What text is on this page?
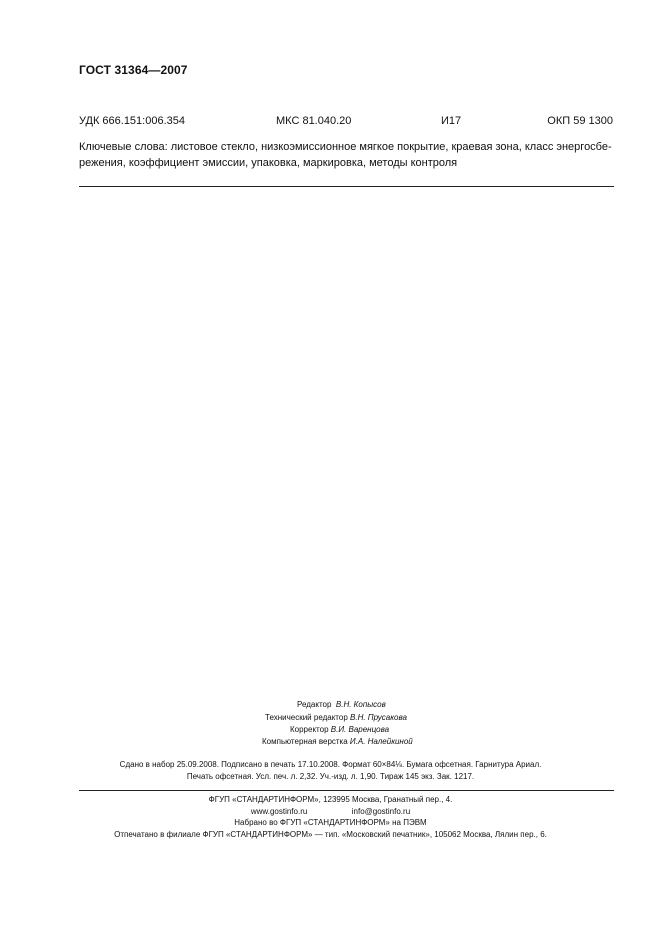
ГОСТ 31364—2007
УДК 666.151:006.354	МКС 81.040.20	И17	ОКП 59 1300
Ключевые слова: листовое стекло, низкоэмиссионное мягкое покрытие, краевая зона, класс энергосбе-
режения, коэффициент эмиссии, упаковка, маркировка, методы контроля
Редактор В.Н. Копысов
Технический редактор В.Н. Прусакова
Корректор В.И. Варенцова
Компьютерная верстка И.А. Налейкиной
Сдано в набор 25.09.2008. Подписано в печать 17.10.2008. Формат 60×84⅛. Бумага офсетная. Гарнитура Ариал.
Печать офсетная. Усл. печ. л. 2,32. Уч.-изд. л. 1,90. Тираж 145 экз. Зак. 1217.
ФГУП «СТАНДАРТИНФОРМ», 123995 Москва, Гранатный пер., 4.
www.gostinfo.ru	info@gostinfo.ru
Набрано во ФГУП «СТАНДАРТИНФОРМ» на ПЭВМ
Отпечатано в филиале ФГУП «СТАНДАРТИНФОРМ» — тип. «Московский печатник», 105062 Москва, Лялин пер., 6.
